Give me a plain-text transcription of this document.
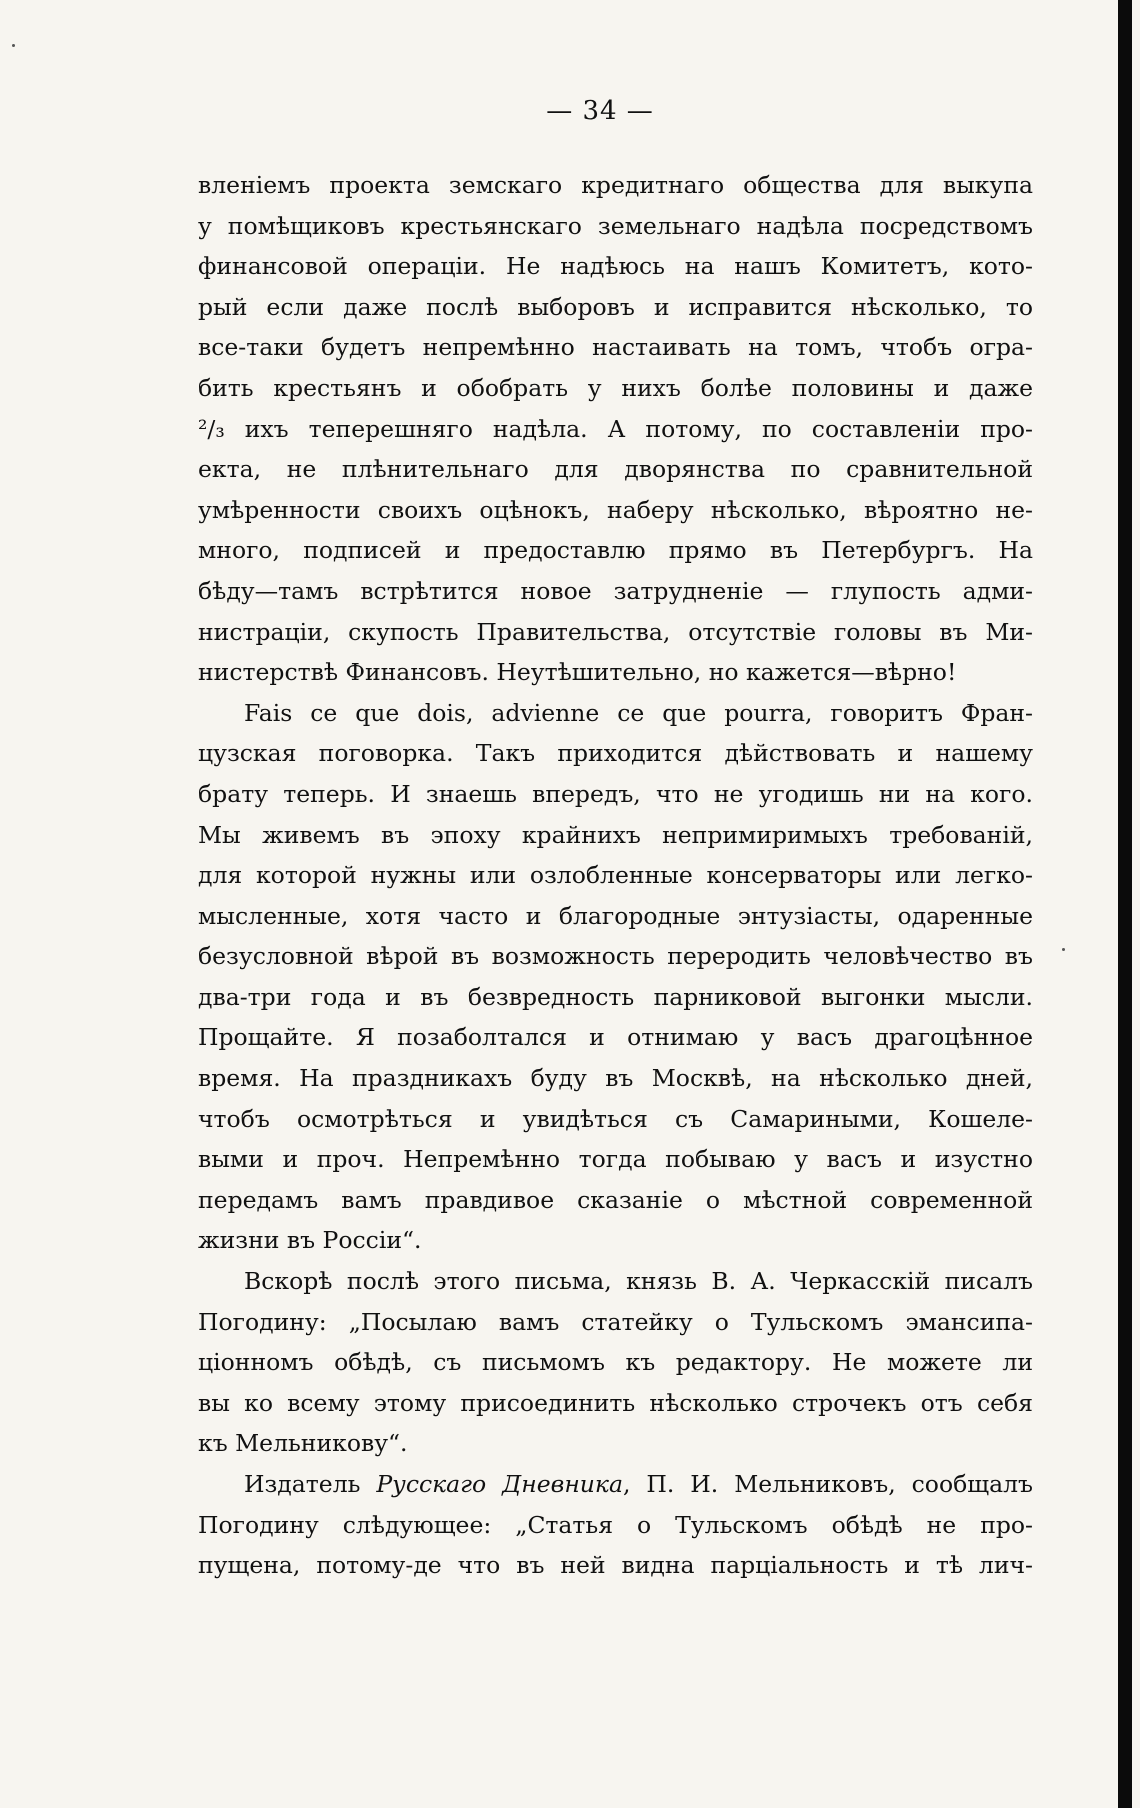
— 34 —
вленіемъ проекта земскаго кредитнаго общества для выкупа
у помѣщиковъ крестьянскаго земельнаго надѣла посредствомъ
финансовой операціи. Не надѣюсь на нашъ Комитетъ, кото-
рый если даже послѣ выборовъ и исправится нѣсколько, то
все-таки будетъ непремѣнно настаивать на томъ, чтобъ огра-
бить крестьянъ и обобрать у нихъ болѣе половины и даже
²/₃ ихъ теперешняго надѣла. А потому, по составленіи про-
екта, не плѣнительнаго для дворянства по сравнительной
умѣренности своихъ оцѣнокъ, наберу нѣсколько, вѣроятно не-
много, подписей и предоставлю прямо въ Петербургъ. На
бѣду—тамъ встрѣтится новое затрудненіе — глупость адми-
нистраціи, скупость Правительства, отсутствіе головы въ Ми-
нистерствѣ Финансовъ. Неутѣшительно, но кажется—вѣрно!
Fais ce que dois, advienne ce que pourra, говоритъ Фран-
цузская поговорка. Такъ приходится дѣйствовать и нашему
брату теперь. И знаешь впередъ, что не угодишь ни на кого.
Мы живемъ въ эпоху крайнихъ непримиримыхъ требованій,
для которой нужны или озлобленные консерваторы или легко-
мысленные, хотя часто и благородные энтузіасты, одаренные
безусловной вѣрой въ возможность переродить человѣчество въ
два-три года и въ безвредность парниковой выгонки мысли.
Прощайте. Я позаболтался и отнимаю у васъ драгоцѣнное
время. На праздникахъ буду въ Москвѣ, на нѣсколько дней,
чтобъ осмотрѣться и увидѣться съ Самариными, Кошеле-
выми и проч. Непремѣнно тогда побываю у васъ и изустно
передамъ вамъ правдивое сказаніе о мѣстной современной
жизни въ Россіи“.
Вскорѣ послѣ этого письма, князь В. А. Черкасскій писалъ
Погодину: „Посылаю вамъ статейку о Тульскомъ эмансипа-
ціонномъ обѣдѣ, съ письмомъ къ редактору. Не можете ли
вы ко всему этому присоединить нѣсколько строчекъ отъ себя
къ Мельникову“.
Издатель Русскаго Дневника, П. И. Мельниковъ, сообщалъ
Погодину слѣдующее: „Статья о Тульскомъ обѣдѣ не про-
пущена, потому-де что въ ней видна парціальность и тѣ лич-
